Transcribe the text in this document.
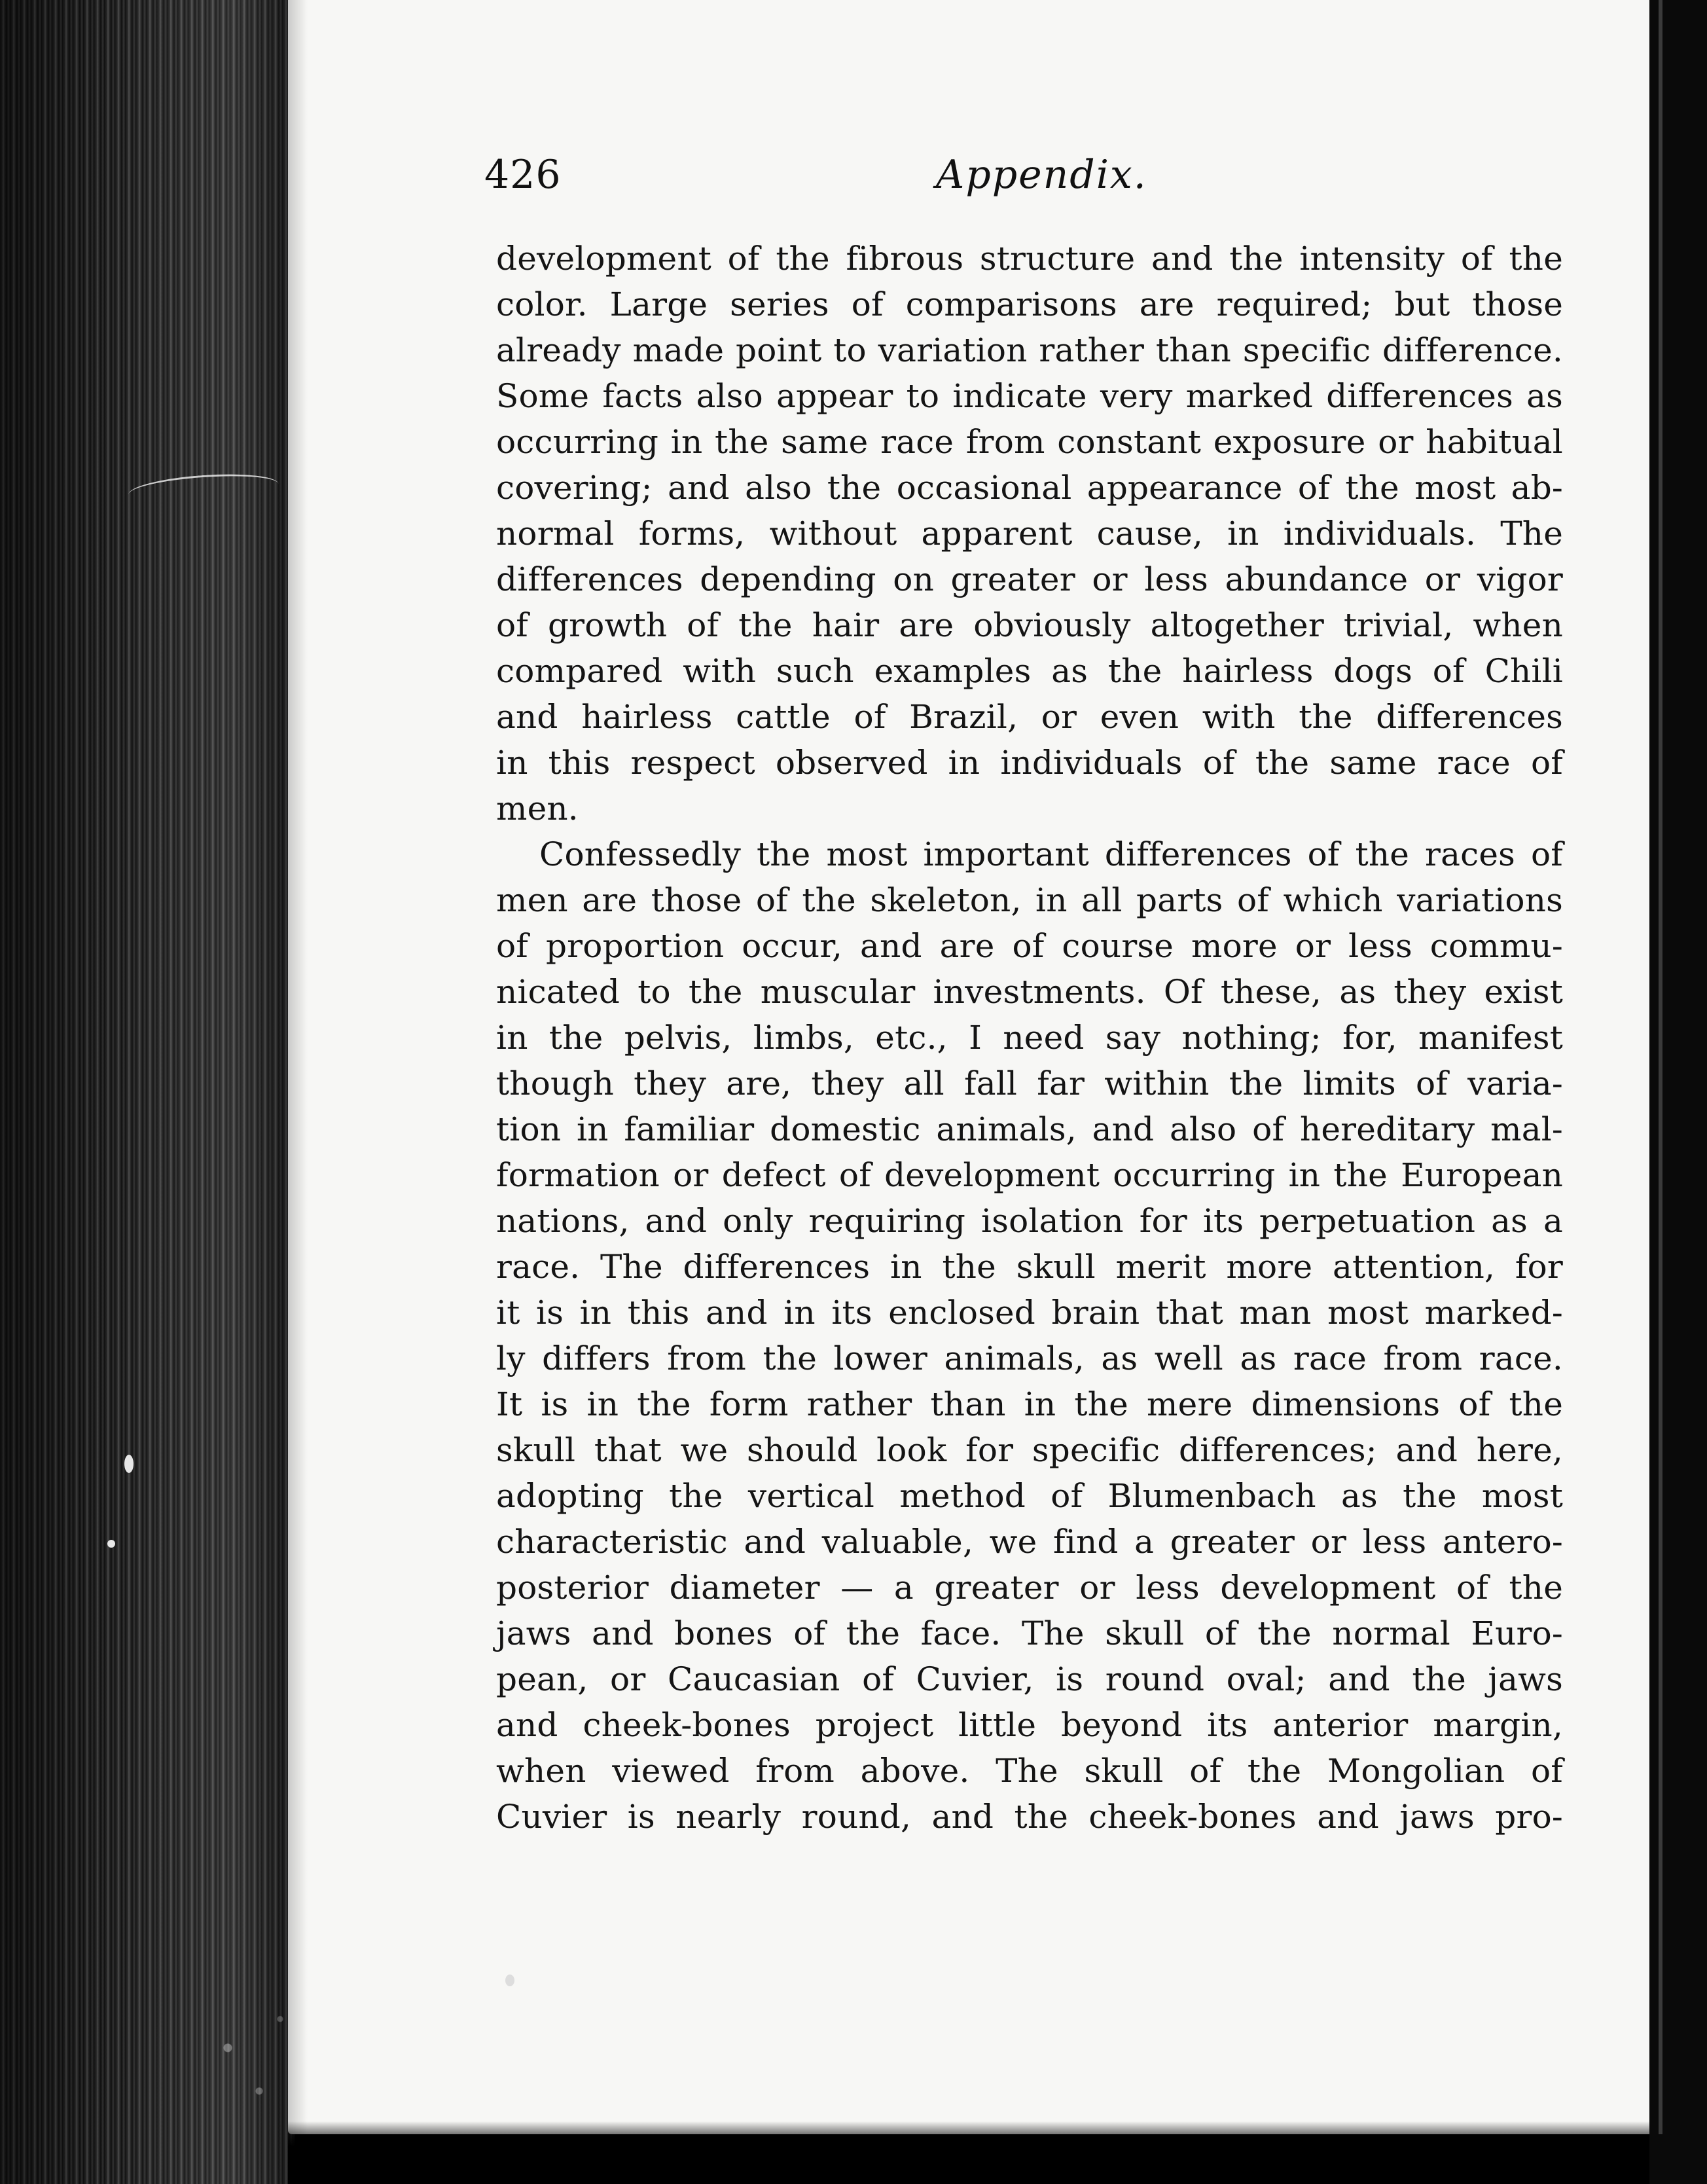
426	Appendix.
development of the fibrous structure and the intensity of the
color. Large series of comparisons are required; but those
already made point to variation rather than specific difference.
Some facts also appear to indicate very marked differences as
occurring in the same race from constant exposure or habitual
covering; and also the occasional appearance of the most ab-
normal forms, without apparent cause, in individuals. The
differences depending on greater or less abundance or vigor
of growth of the hair are obviously altogether trivial, when
compared with such examples as the hairless dogs of Chili
and hairless cattle of Brazil, or even with the differences
in this respect observed in individuals of the same race of
men.
Confessedly the most important differences of the races of
men are those of the skeleton, in all parts of which variations
of proportion occur, and are of course more or less commu-
nicated to the muscular investments. Of these, as they exist
in the pelvis, limbs, etc., I need say nothing; for, manifest
though they are, they all fall far within the limits of varia-
tion in familiar domestic animals, and also of hereditary mal-
formation or defect of development occurring in the European
nations, and only requiring isolation for its perpetuation as a
race. The differences in the skull merit more attention, for
it is in this and in its enclosed brain that man most marked-
ly differs from the lower animals, as well as race from race.
It is in the form rather than in the mere dimensions of the
skull that we should look for specific differences; and here,
adopting the vertical method of Blumenbach as the most
characteristic and valuable, we find a greater or less antero-
posterior diameter — a greater or less development of the
jaws and bones of the face. The skull of the normal Euro-
pean, or Caucasian of Cuvier, is round oval; and the jaws
and cheek-bones project little beyond its anterior margin,
when viewed from above. The skull of the Mongolian of
Cuvier is nearly round, and the cheek-bones and jaws pro-
